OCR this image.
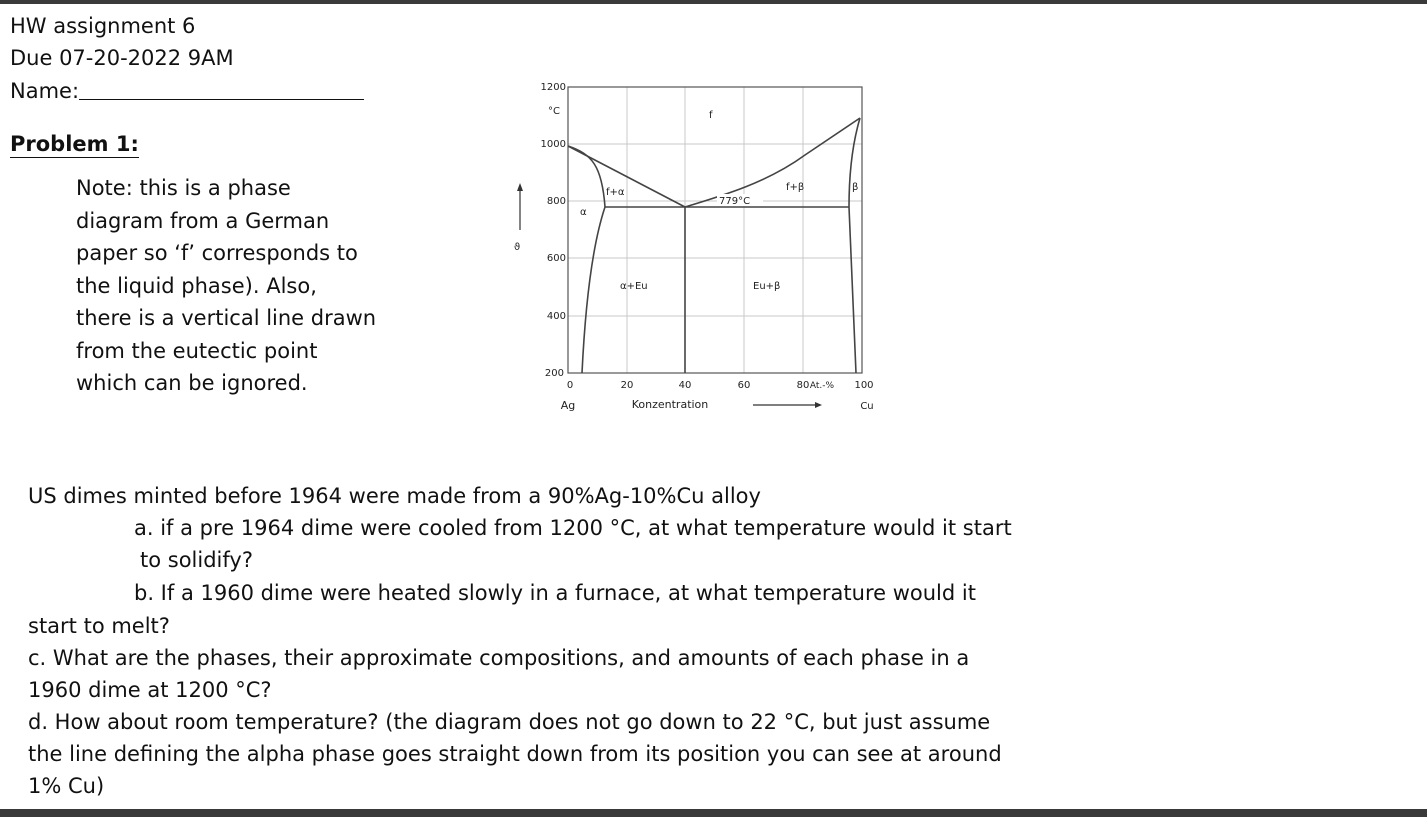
HW assignment 6
Due 07-20-2022 9AM
Name:
Problem 1:
Note: this is a phase
diagram from a German
paper so ‘f’ corresponds to
the liquid phase). Also,
there is a vertical line drawn
from the eutectic point
which can be ignored.
1200
1000
800
600
400
200
°C
0	20	40	60	80	100
At.-%
Ag	Konzentration	Cu
f
f+α
α
f+β	β
α+Eu	Eu+β
779°C
ϑ
US dimes minted before 1964 were made from a 90%Ag-10%Cu alloy
a. if a pre 1964 dime were cooled from 1200 °C, at what temperature would it start
to solidify?
b. If a 1960 dime were heated slowly in a furnace, at what temperature would it
start to melt?
c. What are the phases, their approximate compositions, and amounts of each phase in a
1960 dime at 1200 °C?
d. How about room temperature? (the diagram does not go down to 22 °C, but just assume
the line defining the alpha phase goes straight down from its position you can see at around
1% Cu)
